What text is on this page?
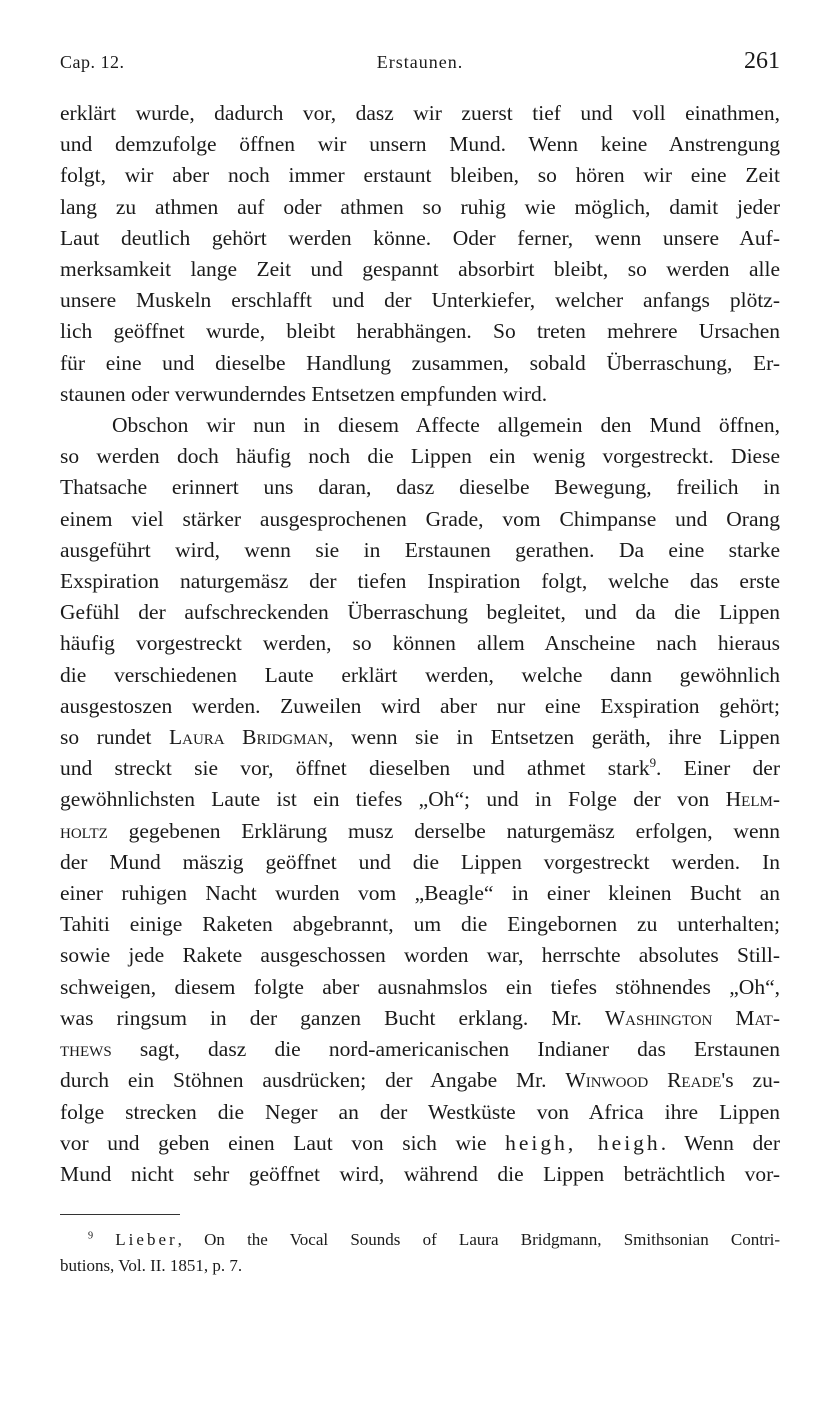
Cap. 12.	Erstaunen.	261
erklärt wurde, dadurch vor, dasz wir zuerst tief und voll einathmen,
und demzufolge öffnen wir unsern Mund. Wenn keine Anstrengung
folgt, wir aber noch immer erstaunt bleiben, so hören wir eine Zeit
lang zu athmen auf oder athmen so ruhig wie möglich, damit jeder
Laut deutlich gehört werden könne. Oder ferner, wenn unsere Auf-
merksamkeit lange Zeit und gespannt absorbirt bleibt, so werden alle
unsere Muskeln erschlafft und der Unterkiefer, welcher anfangs plötz-
lich geöffnet wurde, bleibt herabhängen. So treten mehrere Ursachen
für eine und dieselbe Handlung zusammen, sobald Überraschung, Er-
staunen oder verwunderndes Entsetzen empfunden wird.
Obschon wir nun in diesem Affecte allgemein den Mund öffnen,
so werden doch häufig noch die Lippen ein wenig vorgestreckt. Diese
Thatsache erinnert uns daran, dasz dieselbe Bewegung, freilich in
einem viel stärker ausgesprochenen Grade, vom Chimpanse und Orang
ausgeführt wird, wenn sie in Erstaunen gerathen. Da eine starke
Exspiration naturgemäsz der tiefen Inspiration folgt, welche das erste
Gefühl der aufschreckenden Überraschung begleitet, und da die Lippen
häufig vorgestreckt werden, so können allem Anscheine nach hieraus
die verschiedenen Laute erklärt werden, welche dann gewöhnlich
ausgestoszen werden. Zuweilen wird aber nur eine Exspiration gehört;
so rundet Laura Bridgman, wenn sie in Entsetzen geräth, ihre Lippen
und streckt sie vor, öffnet dieselben und athmet stark$^9$. Einer der
gewöhnlichsten Laute ist ein tiefes „Oh“; und in Folge der von Helm-
holtz gegebenen Erklärung musz derselbe naturgemäsz erfolgen, wenn
der Mund mäszig geöffnet und die Lippen vorgestreckt werden. In
einer ruhigen Nacht wurden vom „Beagle“ in einer kleinen Bucht an
Tahiti einige Raketen abgebrannt, um die Eingebornen zu unterhalten;
sowie jede Rakete ausgeschossen worden war, herrschte absolutes Still-
schweigen, diesem folgte aber ausnahmslos ein tiefes stöhnendes „Oh“,
was ringsum in der ganzen Bucht erklang. Mr. Washington Mat-
thews sagt, dasz die nord-americanischen Indianer das Erstaunen
durch ein Stöhnen ausdrücken; der Angabe Mr. Winwood Reade's zu-
folge strecken die Neger an der Westküste von Africa ihre Lippen
vor und geben einen Laut von sich wie heigh, heigh. Wenn der
Mund nicht sehr geöffnet wird, während die Lippen beträchtlich vor-
$^9$ Lieber, On the Vocal Sounds of Laura Bridgmann, Smithsonian Contri-
butions, Vol. II. 1851, p. 7.
